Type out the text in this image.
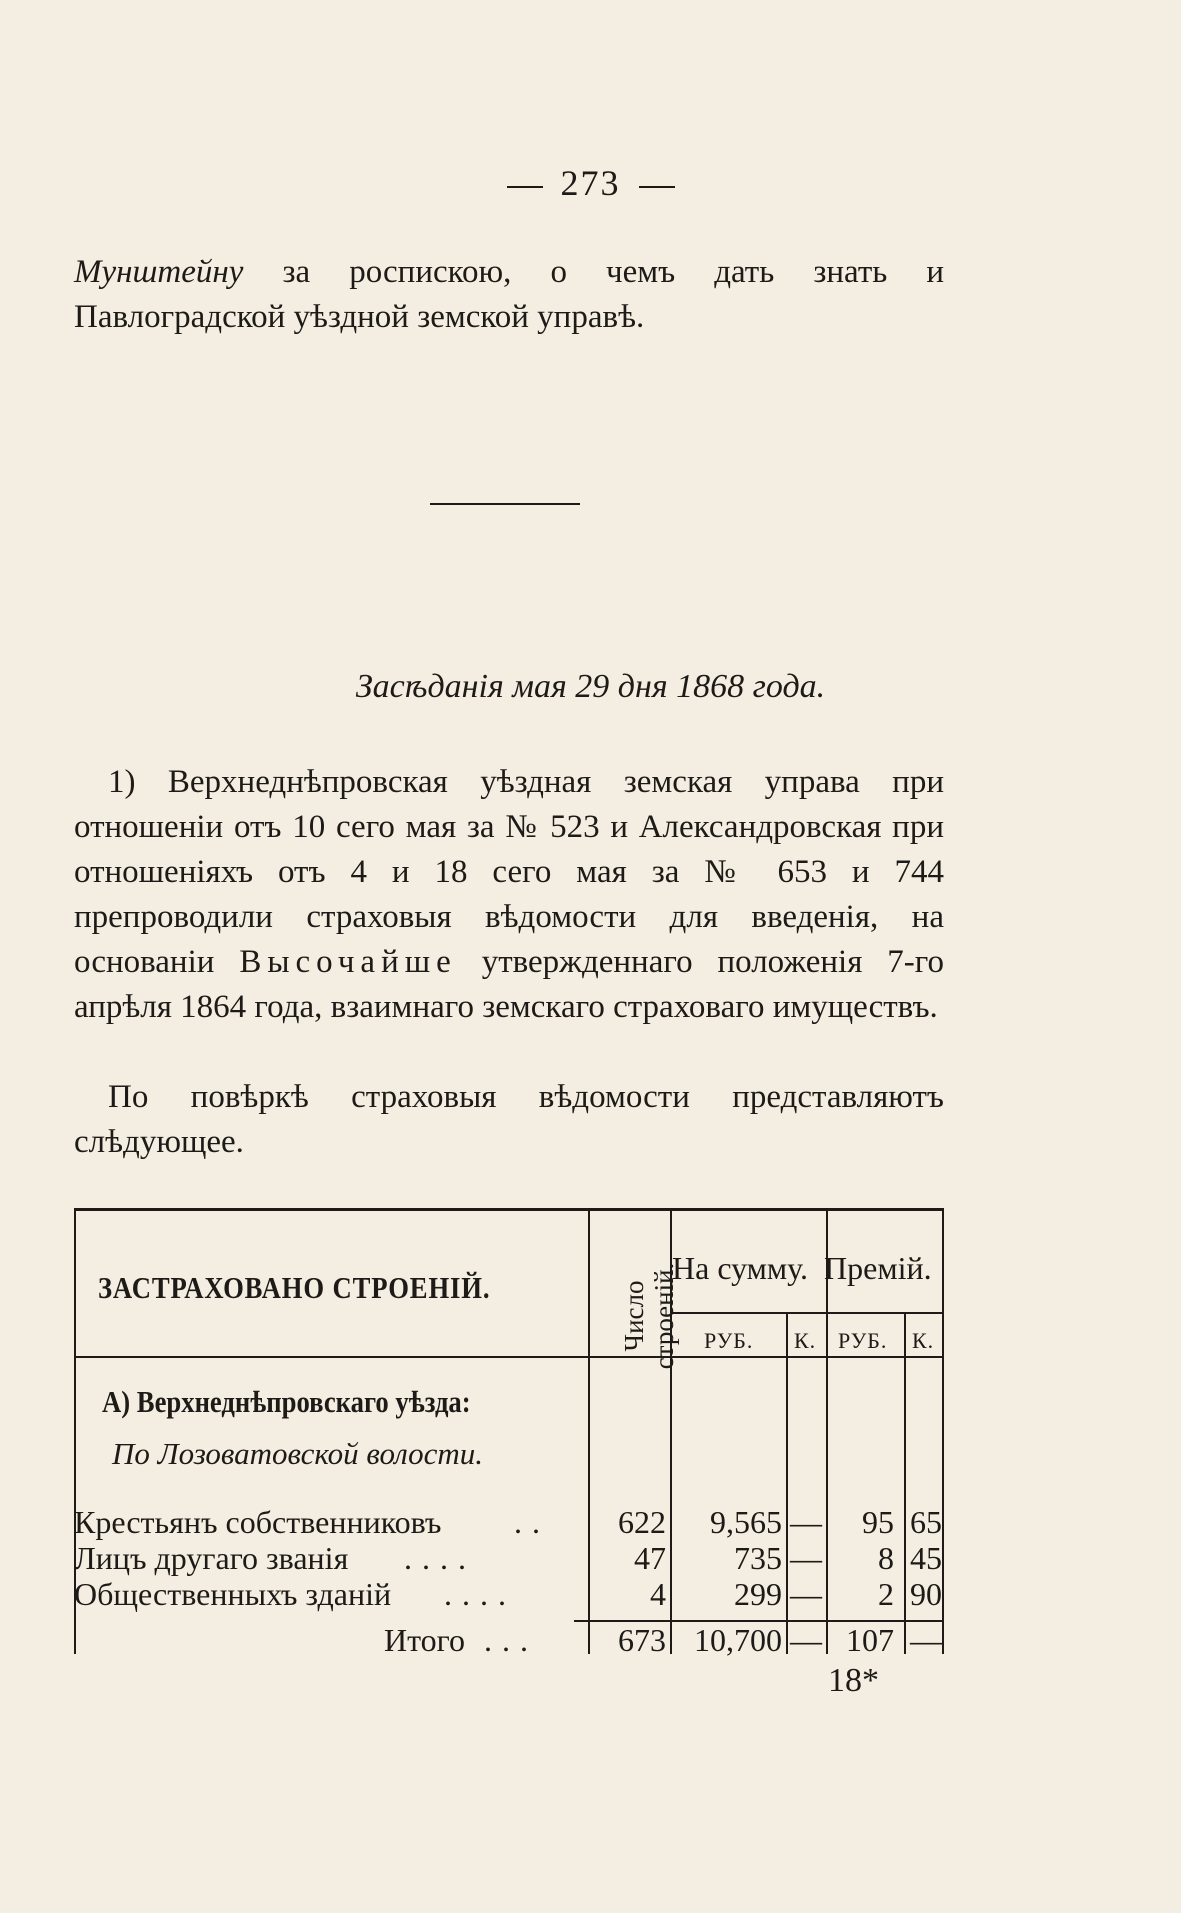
273
Мунштейну за роспискою, о чемъ дать знать и Павлоградской уѣздной земской управѣ.
Засѣданія мая 29 дня 1868 года.
1) Верхнеднѣпровская уѣздная земская управа при отношеніи отъ 10 сего мая за № 523 и Александровская при отношеніяхъ отъ 4 и 18 сего мая за № 653 и 744 препроводили страховыя вѣдомости для введенія, на основаніи Высочайше утвержденнаго положенія 7-го апрѣля 1864 года, взаимнаго земскаго страховаго имуществъ.
По повѣркѣ страховыя вѣдомости представляютъ слѣдующее.
ЗАСТРАХОВАНО СТРОЕНІЙ.	Число строеній.
На сумму. Премій.
РУБ. К. РУБ. К.
А) Верхнеднѣпровскаго уѣзда:
По Лозоватовской волости.
Крестьянъ собственниковъ ..	622	9,565 —	95 65
Лицъ другаго званія ....	47	735 —	8 45
Общественныхъ зданій ....	4	299 —	2 90
Итого ...	673 10,700 — 107 —
18*
